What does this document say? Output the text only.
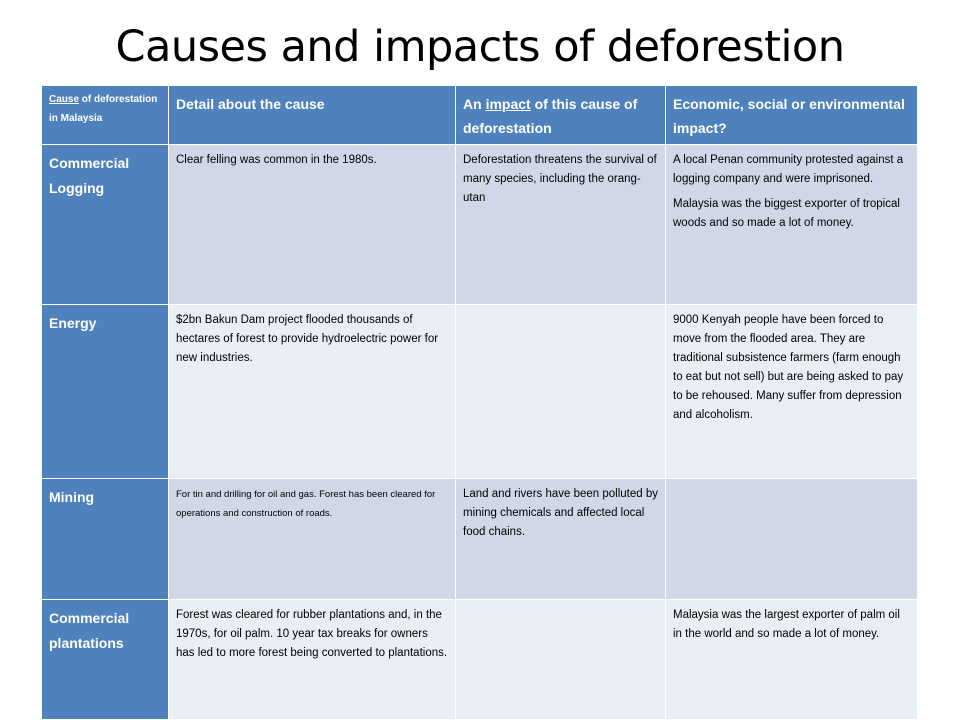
Causes and impacts of deforestion
Cause of deforestation in Malaysia	Detail about the cause	An impact of this cause of deforestation	Economic, social or environmental impact?
Commercial Logging	Clear felling was common in the 1980s.	Deforestation threatens the survival of many species, including the orang-utan	A local Penan community protested against a logging company and were imprisoned.

Malaysia was the biggest exporter of tropical woods and so made a lot of money.

Energy	$2bn Bakun Dam project flooded thousands of hectares of forest to provide hydroelectric power for new industries.		9000 Kenyah people have been forced to move from the flooded area. They are traditional subsistence farmers (farm enough to eat but not sell) but are being asked to pay to be rehoused. Many suffer from depression and alcoholism.
Mining	For tin and drilling for oil and gas. Forest has been cleared for operations and construction of roads.	Land and rivers have been polluted by mining chemicals and affected local food chains.	
Commercial plantations	Forest was cleared for rubber plantations and, in the 1970s, for oil palm. 10 year tax breaks for owners has led to more forest being converted to plantations.		Malaysia was the largest exporter of palm oil in the world and so made a lot of money.
